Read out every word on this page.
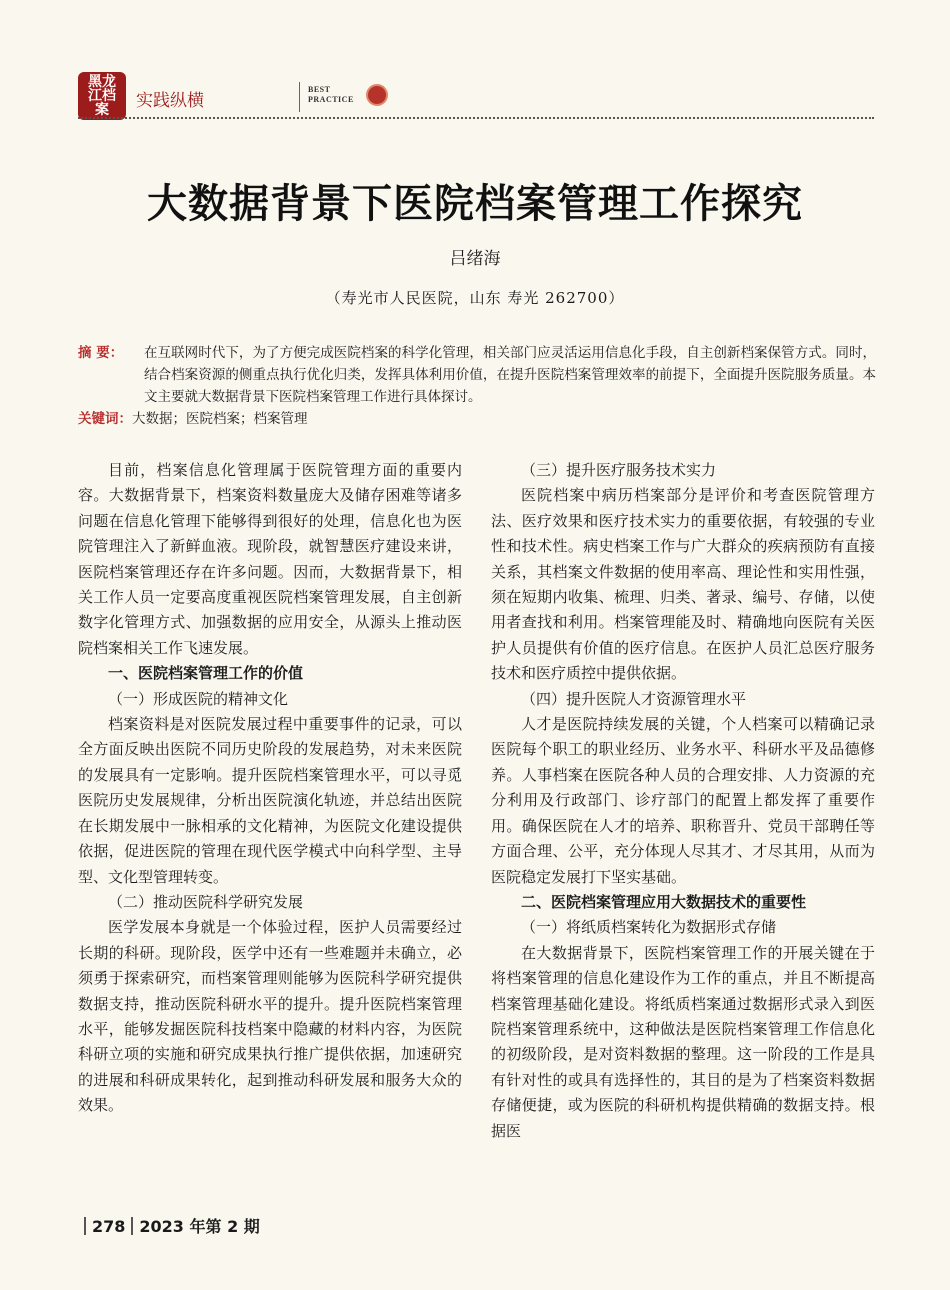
黑龙江档案	实践纵横
BEST
PRACTICE
大数据背景下医院档案管理工作探究
吕绪海
（寿光市人民医院，山东 寿光 262700）
摘 要： 在互联网时代下，为了方便完成医院档案的科学化管理，相关部门应灵活运用信息化手段，自主创新档案保管方式。同时，结合档案资源的侧重点执行优化归类，发挥具体利用价值，在提升医院档案管理效率的前提下，全面提升医院服务质量。本文主要就大数据背景下医院档案管理工作进行具体探讨。
关键词：大数据；医院档案；档案管理

目前，档案信息化管理属于医院管理方面的重要内容。大数据背景下，档案资料数量庞大及储存困难等诸多问题在信息化管理下能够得到很好的处理，信息化也为医院管理注入了新鲜血液。现阶段，就智慧医疗建设来讲，医院档案管理还存在许多问题。因而，大数据背景下，相关工作人员一定要高度重视医院档案管理发展，自主创新数字化管理方式、加强数据的应用安全，从源头上推动医院档案相关工作飞速发展。

一、医院档案管理工作的价值

（一）形成医院的精神文化

档案资料是对医院发展过程中重要事件的记录，可以全方面反映出医院不同历史阶段的发展趋势，对未来医院的发展具有一定影响。提升医院档案管理水平，可以寻觅医院历史发展规律，分析出医院演化轨迹，并总结出医院在长期发展中一脉相承的文化精神，为医院文化建设提供依据，促进医院的管理在现代医学模式中向科学型、主导型、文化型管理转变。

（二）推动医院科学研究发展

医学发展本身就是一个体验过程，医护人员需要经过长期的科研。现阶段，医学中还有一些难题并未确立，必须勇于探索研究，而档案管理则能够为医院科学研究提供数据支持，推动医院科研水平的提升。提升医院档案管理水平，能够发掘医院科技档案中隐藏的材料内容，为医院科研立项的实施和研究成果执行推广提供依据，加速研究的进展和科研成果转化，起到推动科研发展和服务大众的效果。

（三）提升医疗服务技术实力

医院档案中病历档案部分是评价和考查医院管理方法、医疗效果和医疗技术实力的重要依据，有较强的专业性和技术性。病史档案工作与广大群众的疾病预防有直接关系，其档案文件数据的使用率高、理论性和实用性强，须在短期内收集、梳理、归类、著录、编号、存储，以使用者查找和利用。档案管理能及时、精确地向医院有关医护人员提供有价值的医疗信息。在医护人员汇总医疗服务技术和医疗质控中提供依据。

（四）提升医院人才资源管理水平

人才是医院持续发展的关键，个人档案可以精确记录医院每个职工的职业经历、业务水平、科研水平及品德修养。人事档案在医院各种人员的合理安排、人力资源的充分利用及行政部门、诊疗部门的配置上都发挥了重要作用。确保医院在人才的培养、职称晋升、党员干部聘任等方面合理、公平，充分体现人尽其才、才尽其用，从而为医院稳定发展打下坚实基础。

二、医院档案管理应用大数据技术的重要性

（一）将纸质档案转化为数据形式存储

在大数据背景下，医院档案管理工作的开展关键在于将档案管理的信息化建设作为工作的重点，并且不断提高档案管理基础化建设。将纸质档案通过数据形式录入到医院档案管理系统中，这种做法是医院档案管理工作信息化的初级阶段，是对资料数据的整理。这一阶段的工作是具有针对性的或具有选择性的，其目的是为了档案资料数据存储便捷，或为医院的科研机构提供精确的数据支持。根据医

278 2023 年第 2 期
